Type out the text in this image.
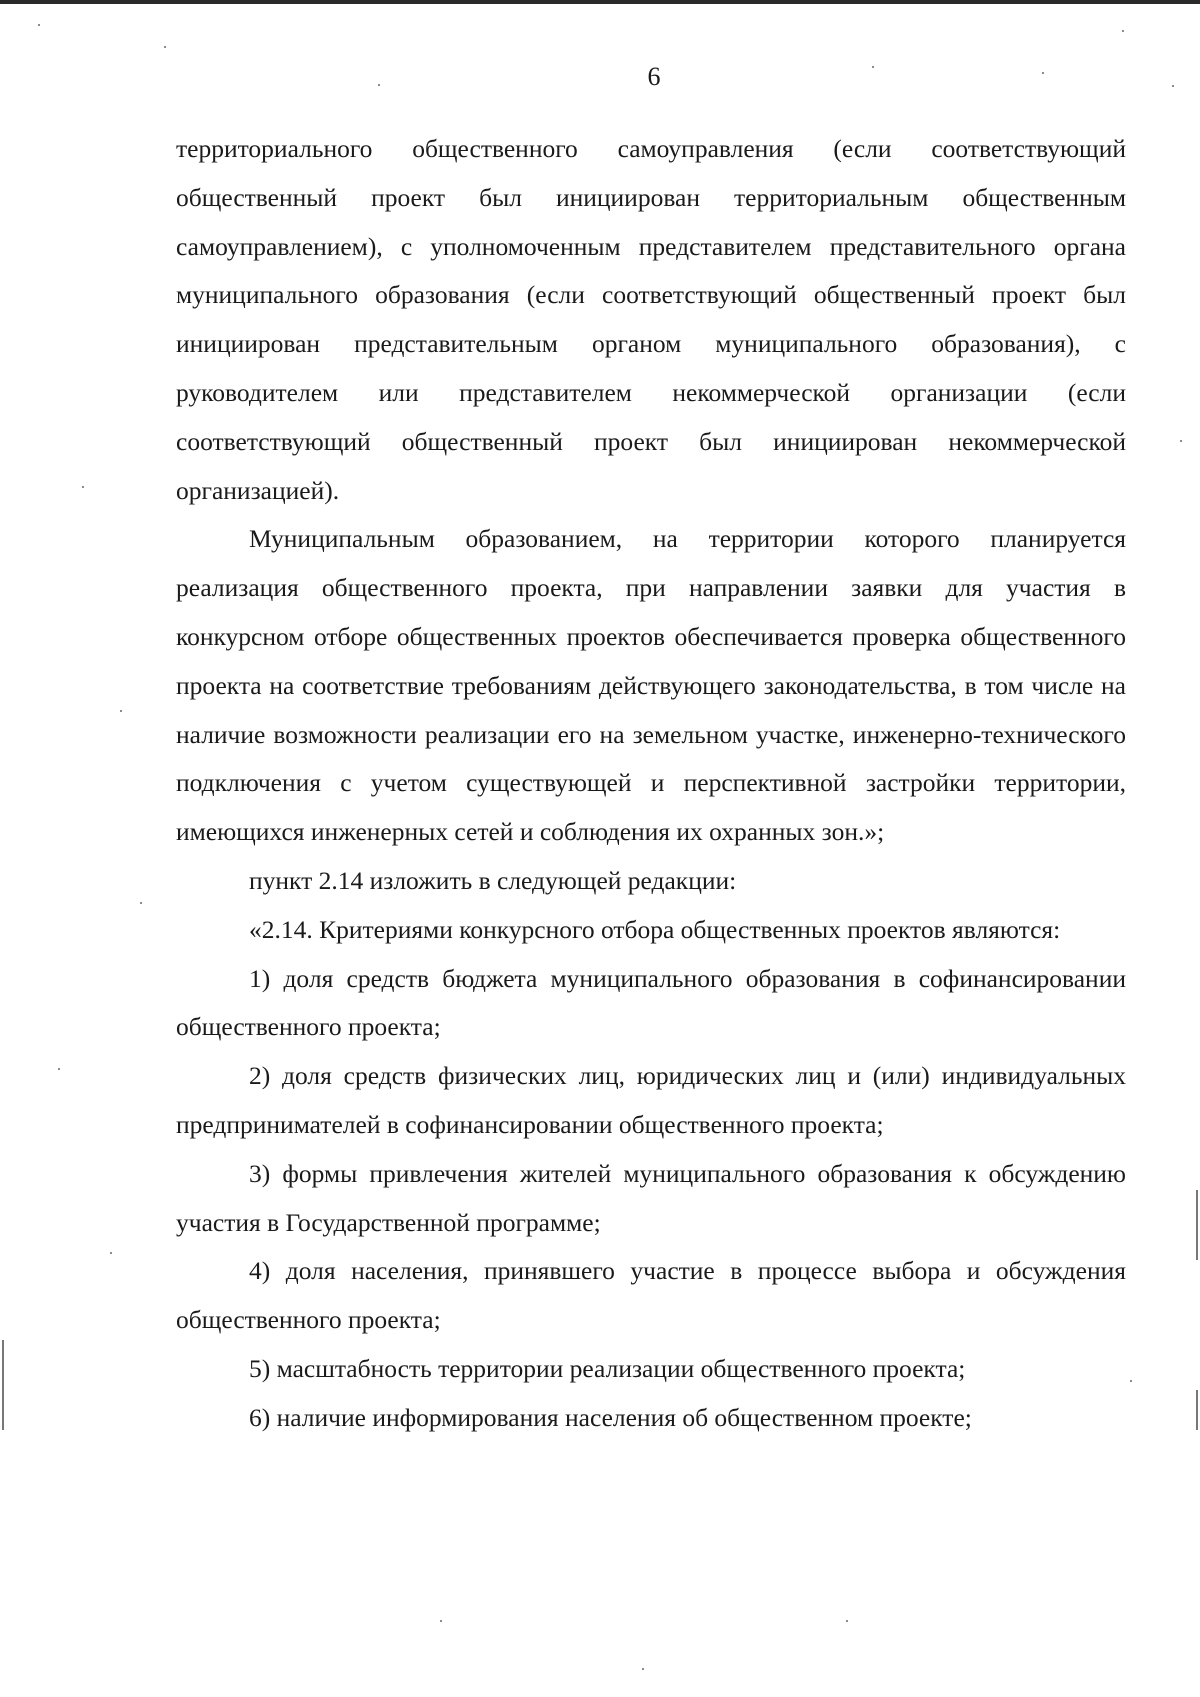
6

территориального общественного самоуправления (если соответствующий общественный проект был инициирован территориальным общественным самоуправлением), с уполномоченным представителем представительного органа муниципального образования (если соответствующий общественный проект был инициирован представительным органом муниципального образования), с руководителем или представителем некоммерческой организации (если соответствующий общественный проект был инициирован некоммерческой организацией).

Муниципальным образованием, на территории которого планируется реализация общественного проекта, при направлении заявки для участия в конкурсном отборе общественных проектов обеспечивается проверка общественного проекта на соответствие требованиям действующего законодательства, в том числе на наличие возможности реализации его на земельном участке, инженерно-технического подключения с учетом существующей и перспективной застройки территории, имеющихся инженерных сетей и соблюдения их охранных зон.»;

пункт 2.14 изложить в следующей редакции:

«2.14. Критериями конкурсного отбора общественных проектов являются:

1) доля средств бюджета муниципального образования в софинансировании общественного проекта;

2) доля средств физических лиц, юридических лиц и (или) индивидуальных предпринимателей в софинансировании общественного проекта;

3) формы привлечения жителей муниципального образования к обсуждению участия в Государственной программе;

4) доля населения, принявшего участие в процессе выбора и обсуждения общественного проекта;

5) масштабность территории реализации общественного проекта;

6) наличие информирования населения об общественном проекте;
